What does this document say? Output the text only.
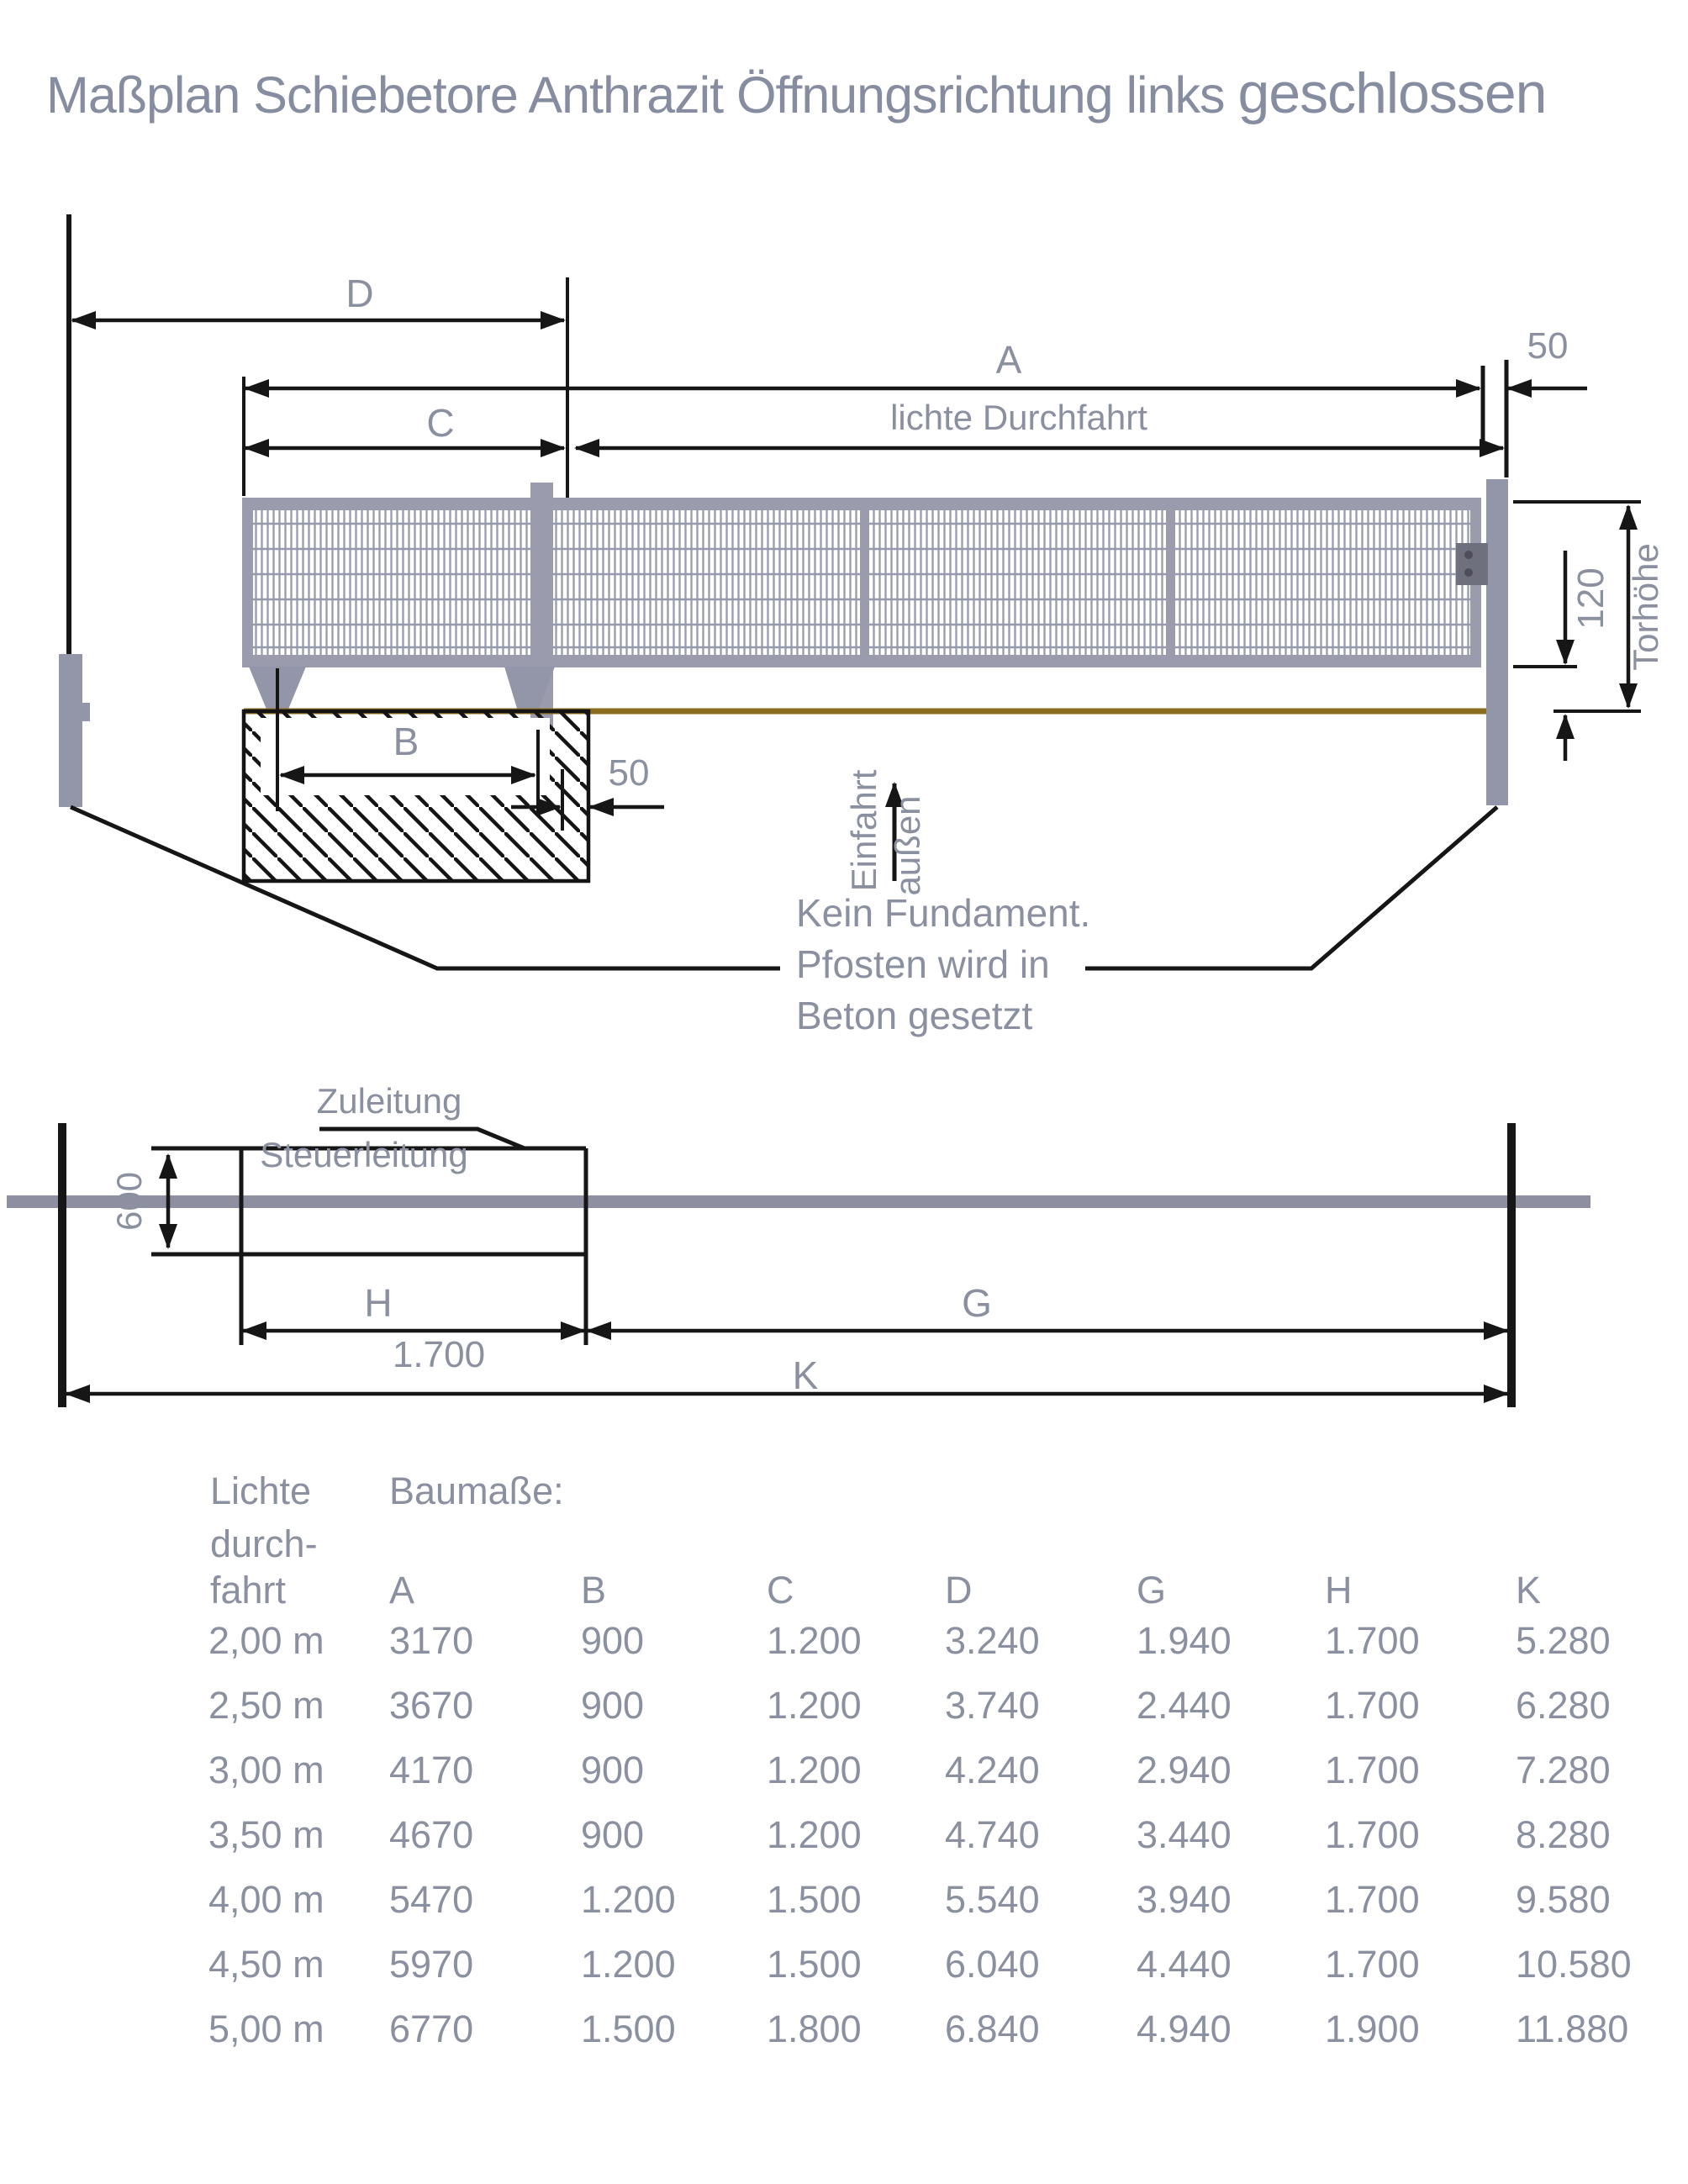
Maßplan Schiebetore Anthrazit Öffnungsrichtung links geschlossen
D
A	50
lichte Durchfahrt
C
B
50
120 Torhöhe
Einfahrt außen
Kein Fundament.
Pfosten wird in
Beton gesetzt
Zuleitung
Steuerleitung
600
H
1.700
G
K
Lichte
durch-
fahrt
Baumaße:
A	B	C	D	G	H	K
2,00 m	3170	900	1.200	3.240	1.940	1.700	5.280
2,50 m	3670	900	1.200	3.740	2.440	1.700	6.280
3,00 m	4170	900	1.200	4.240	2.940	1.700	7.280
3,50 m	4670	900	1.200	4.740	3.440	1.700	8.280
4,00 m	5470	1.200	1.500	5.540	3.940	1.700	9.580
4,50 m	5970	1.200	1.500	6.040	4.440	1.700	10.580
5,00 m	6770	1.500	1.800	6.840	4.940	1.900	11.880
